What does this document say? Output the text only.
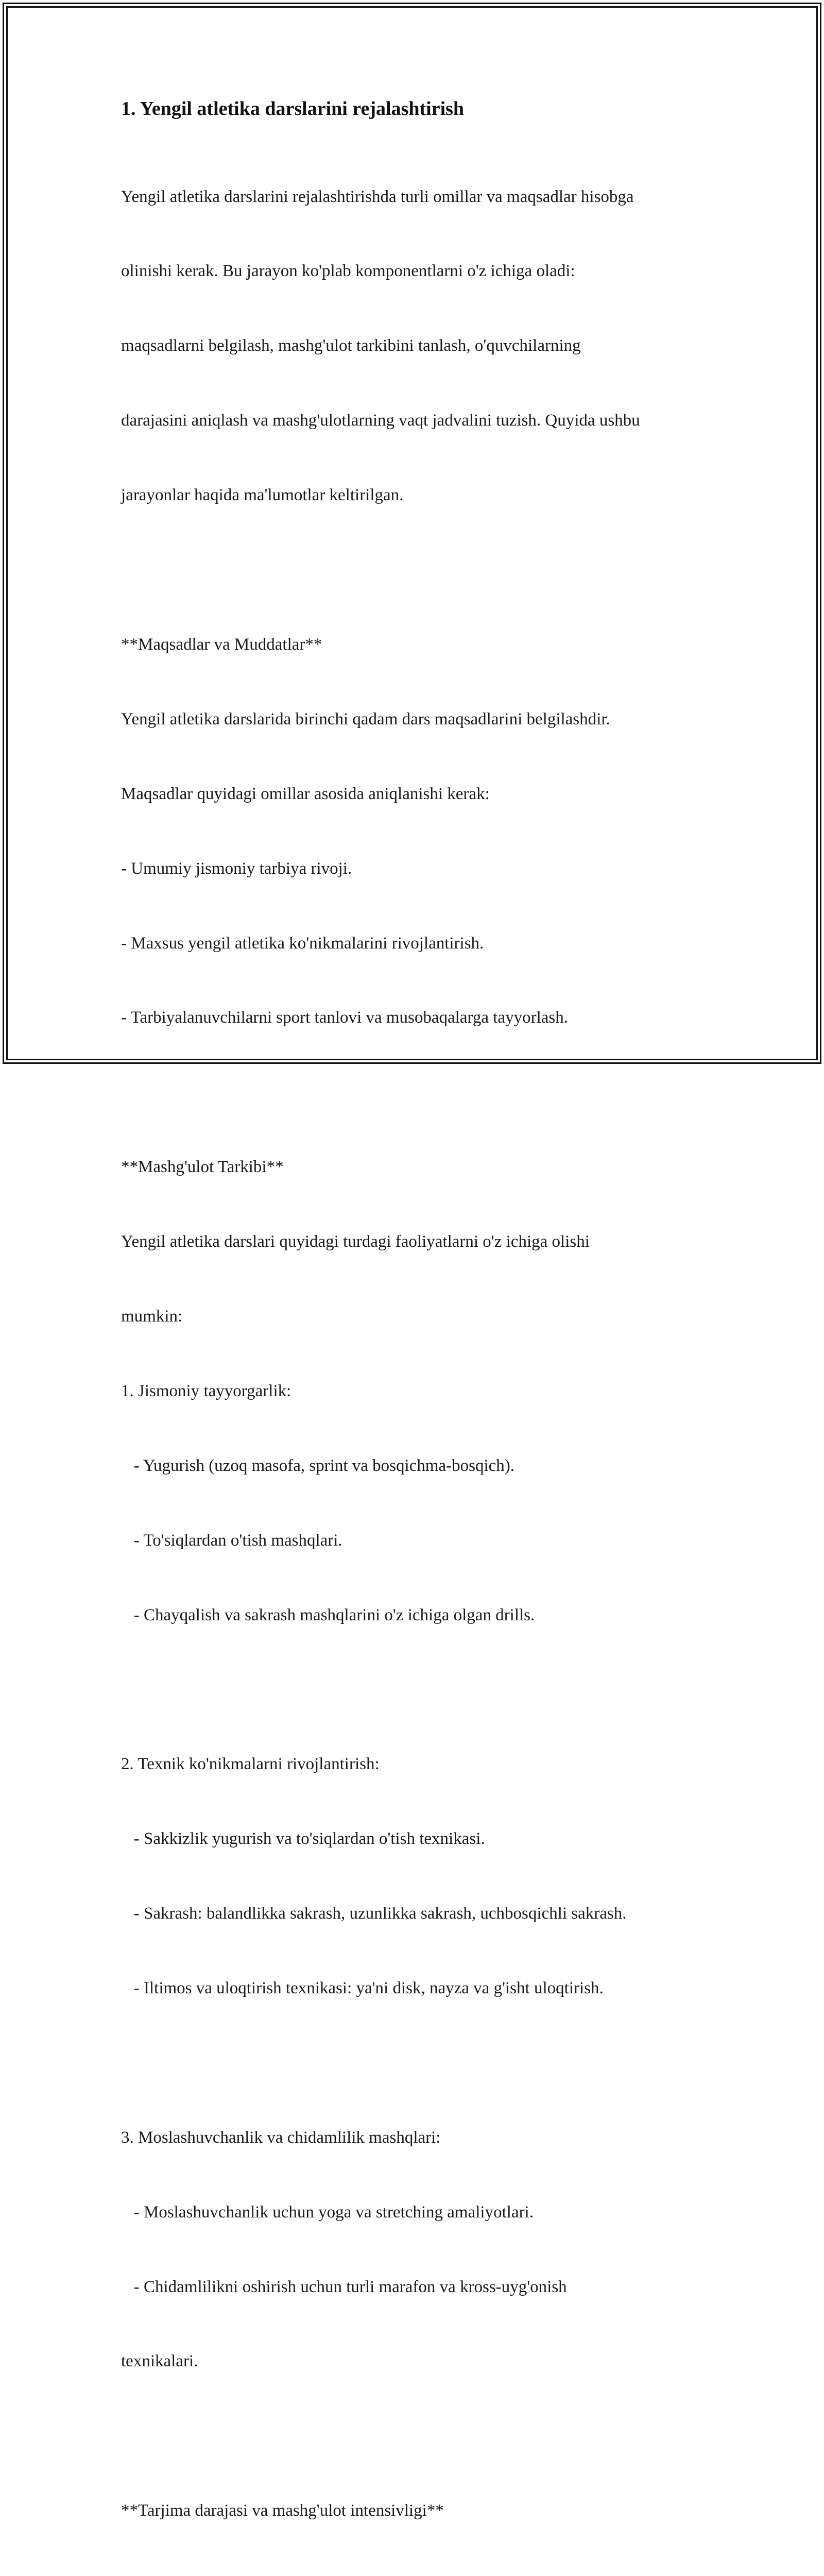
1. Yengil atletika darslarini rejalashtirish

Yengil atletika darslarini rejalashtirishda turli omillar va maqsadlar hisobga

olinishi kerak. Bu jarayon ko'plab komponentlarni o'z ichiga oladi:

maqsadlarni belgilash, mashg'ulot tarkibini tanlash, o'quvchilarning

darajasini aniqlash va mashg'ulotlarning vaqt jadvalini tuzish. Quyida ushbu

jarayonlar haqida ma'lumotlar keltirilgan.

**Maqsadlar va Muddatlar**

Yengil atletika darslarida birinchi qadam dars maqsadlarini belgilashdir.

Maqsadlar quyidagi omillar asosida aniqlanishi kerak:

- Umumiy jismoniy tarbiya rivoji.

- Maxsus yengil atletika ko'nikmalarini rivojlantirish.

- Tarbiyalanuvchilarni sport tanlovi va musobaqalarga tayyorlash.

**Mashg'ulot Tarkibi**

Yengil atletika darslari quyidagi turdagi faoliyatlarni o'z ichiga olishi

mumkin:

1. Jismoniy tayyorgarlik:

- Yugurish (uzoq masofa, sprint va bosqichma-bosqich).

- To'siqlardan o'tish mashqlari.

- Chayqalish va sakrash mashqlarini o'z ichiga olgan drills.

2. Texnik ko'nikmalarni rivojlantirish:

- Sakkizlik yugurish va to'siqlardan o'tish texnikasi.

- Sakrash: balandlikka sakrash, uzunlikka sakrash, uchbosqichli sakrash.

- Iltimos va uloqtirish texnikasi: ya'ni disk, nayza va g'isht uloqtirish.

3. Moslashuvchanlik va chidamlilik mashqlari:

- Moslashuvchanlik uchun yoga va stretching amaliyotlari.

- Chidamlilikni oshirish uchun turli marafon va kross-uyg'onish

texnikalari.

**Tarjima darajasi va mashg'ulot intensivligi**
